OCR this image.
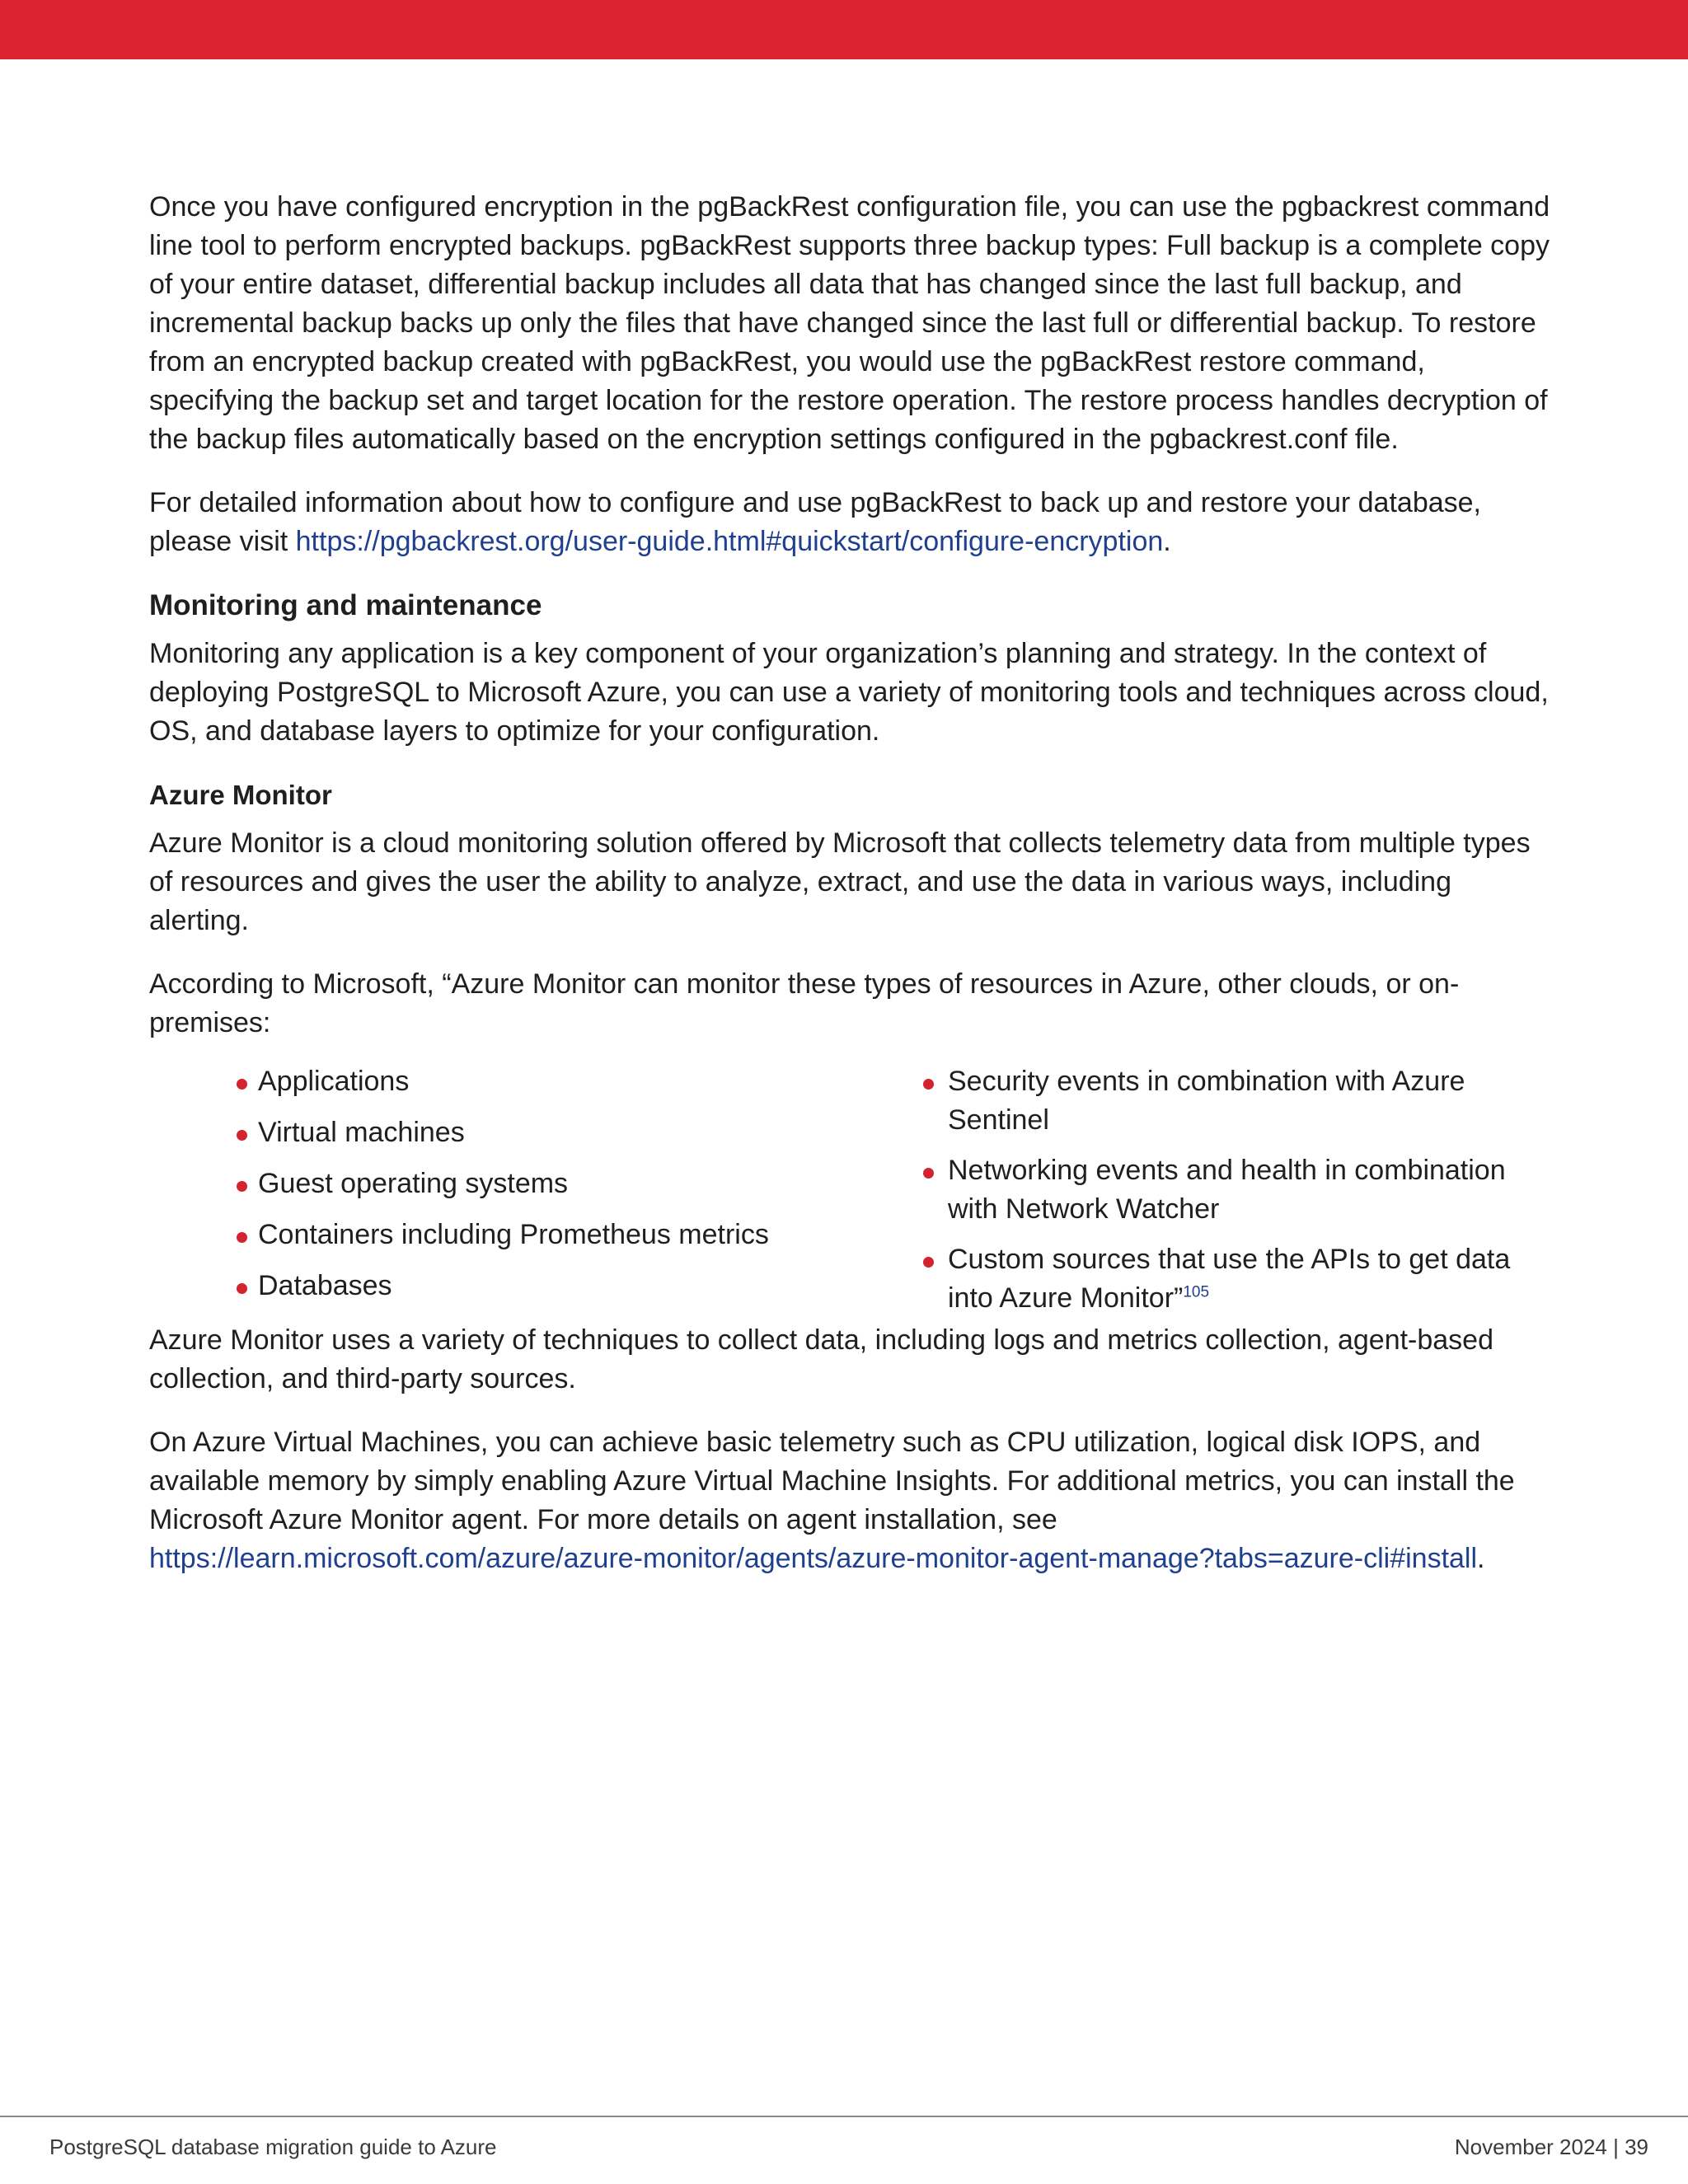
Once you have configured encryption in the pgBackRest configuration file, you can use the pgbackrest command line tool to perform encrypted backups. pgBackRest supports three backup types: Full backup is a complete copy of your entire dataset, differential backup includes all data that has changed since the last full backup, and incremental backup backs up only the files that have changed since the last full or differential backup. To restore from an encrypted backup created with pgBackRest, you would use the pgBackRest restore command, specifying the backup set and target location for the restore operation. The restore process handles decryption of the backup files automatically based on the encryption settings configured in the pgbackrest.conf file.

For detailed information about how to configure and use pgBackRest to back up and restore your database, please visit https://pgbackrest.org/user-guide.html#quickstart/configure-encryption.

Monitoring and maintenance

Monitoring any application is a key component of your organization’s planning and strategy. In the context of deploying PostgreSQL to Microsoft Azure, you can use a variety of monitoring tools and techniques across cloud, OS, and database layers to optimize for your configuration.

Azure Monitor

Azure Monitor is a cloud monitoring solution offered by Microsoft that collects telemetry data from multiple types of resources and gives the user the ability to analyze, extract, and use the data in various ways, including alerting.

According to Microsoft, “Azure Monitor can monitor these types of resources in Azure, other clouds, or on-premises:

Applications
Virtual machines
Guest operating systems
Containers including Prometheus metrics
Databases
Security events in combination with Azure Sentinel
Networking events and health in combination with Network Watcher
Custom sources that use the APIs to get data into Azure Monitor”$^{105}$

Azure Monitor uses a variety of techniques to collect data, including logs and metrics collection, agent-based collection, and third-party sources.

On Azure Virtual Machines, you can achieve basic telemetry such as CPU utilization, logical disk IOPS, and available memory by simply enabling Azure Virtual Machine Insights. For additional metrics, you can install the Microsoft Azure Monitor agent. For more details on agent installation, see https://learn.microsoft.com/azure/azure-monitor/agents/azure-monitor-agent-manage?tabs=azure-cli#install.

PostgreSQL database migration guide to Azure	November 2024 | 39
